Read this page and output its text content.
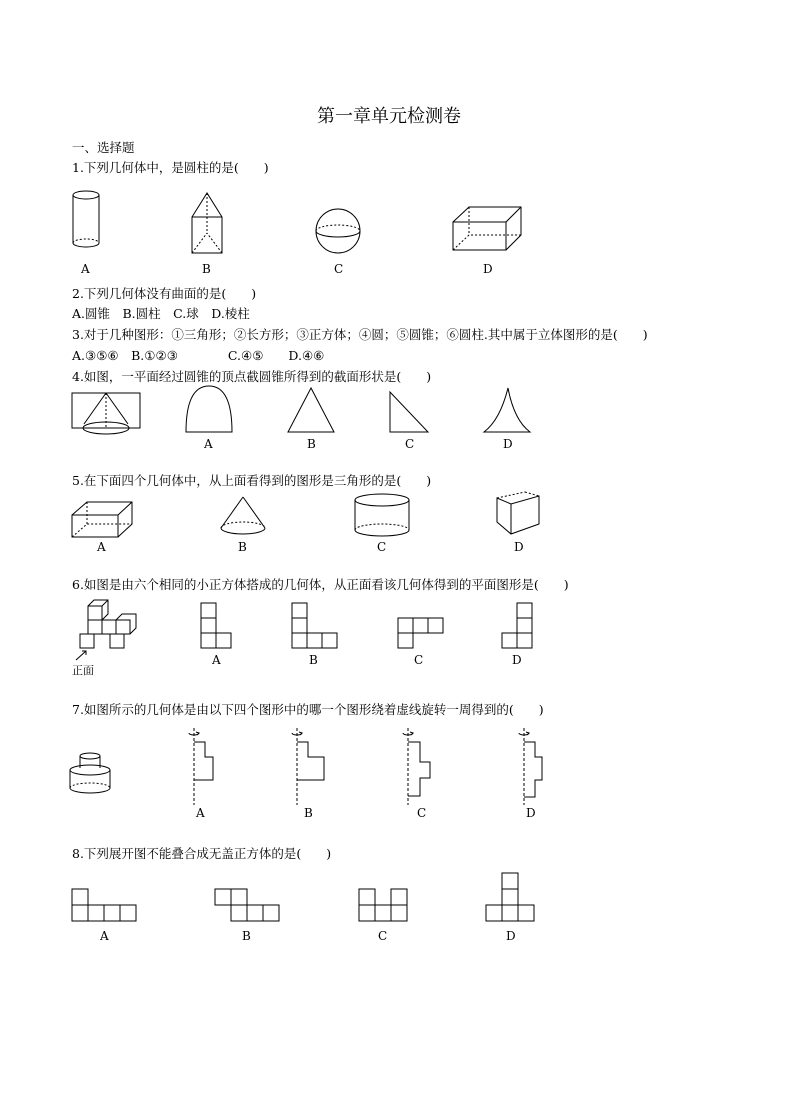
第一章单元检测卷
一、选择题
1.下列几何体中，是圆柱的是(　　)
A	B	C	D
2.下列几何体没有曲面的是(　　)
A.圆锥　B.圆柱　C.球　D.棱柱
3.对于几种图形：①三角形；②长方形；③正方体；④圆；⑤圆锥；⑥圆柱.其中属于立体图形的是(　　)
A.③⑤⑥　B.①②③　　　　C.④⑤　　D.④⑥
4.如图，一平面经过圆锥的顶点截圆锥所得到的截面形状是(　　)
A	B	C	D
5.在下面四个几何体中，从上面看得到的图形是三角形的是(　　)
A	B	C	D
6.如图是由六个相同的小正方体搭成的几何体，从正面看该几何体得到的平面图形是(　　)
正面
A	B	C	D
7.如图所示的几何体是由以下四个图形中的哪一个图形绕着虚线旋转一周得到的(　　)
A	B	C	D
8.下列展开图不能叠合成无盖正方体的是(　　)
A	B	C	D
